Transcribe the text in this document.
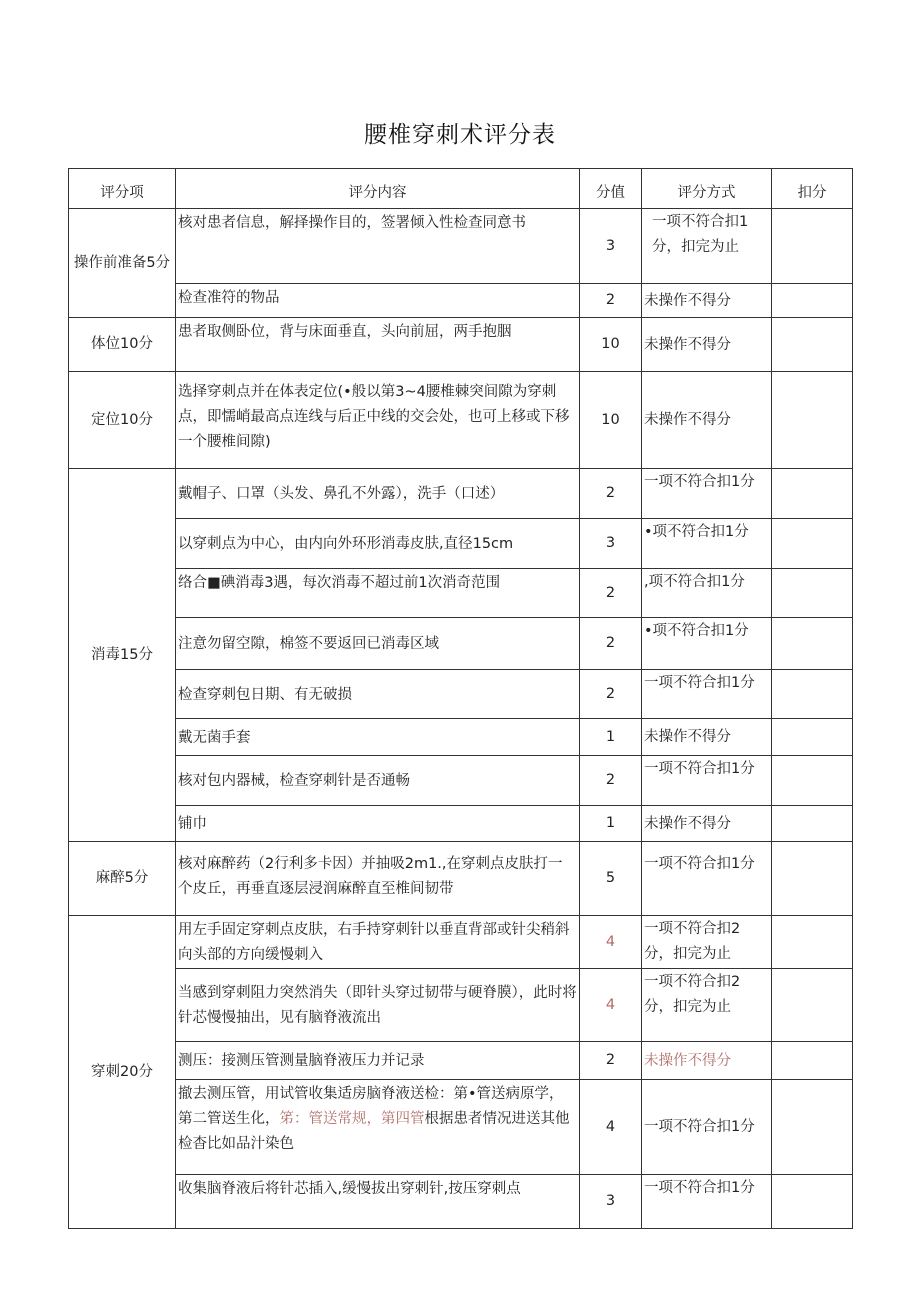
腰椎穿刺术评分表
评分项	评分内容	分值	评分方式	扣分
操作前准备5分	核对患者信息，解择操作目的，签署倾入性检查同意书	3	一项不符合扣1分，扣完为止	
	检查准符的物品	2	未操作不得分	
体位10分	患者取侧卧位，背与床面垂直，头向前屈，两手抱胭	10	未操作不得分	
定位10分	选择穿刺点并在体表定位(•般以第3~4腰椎棘突间隙为穿刺点，即懦峭最高点连线与后正中线的交会处，也可上移或下移一个腰椎间隙)	10	未操作不得分	
消毒15分	戴帽子、口罩（头发、鼻孔不外露），洗手（口述）	2	一项不符合扣1分	
	以穿刺点为中心，由内向外环形消毒皮肤,直径15cm	3	•项不符合扣1分	
	络合■碘消毒3遇，每次消毒不超过前1次消奇范围	2	,项不符合扣1分	
	注意勿留空隙，棉签不要返回已消毒区域	2	•项不符合扣1分	
	检查穿刺包日期、有无破损	2	一项不符合扣1分	
	戴无菌手套	1	未操作不得分	
	核对包内器械，检查穿刺针是否通畅	2	一项不符合扣1分	
	铺巾	1	未操作不得分	
麻醉5分	核对麻醉药（2行利多卡因）并抽吸2m1.,在穿刺点皮肤打一个皮丘，再垂直逐层浸润麻醉直至椎间韧带	5	一项不符合扣1分	
穿刺20分	用左手固定穿刺点皮肤，右手持穿刺针以垂直背部或针尖稍斜向头部的方向缓慢刺入	4	一项不符合扣2分，扣完为止	
	当感到穿刺阻力突然消失（即针头穿过韧带与硬脊膜），此时将针芯慢慢抽出，见有脑脊液流出	4	一项不符合扣2分，扣完为止	
	测压：接测压管测量脑脊液压力并记录	2	未操作不得分	
	撤去测压管，用试管收集适房脑脊液送检：第•管送病原学，第二管送生化，笫：管送常规，第四管根据患者情况进送其他检杳比如品汁染色	4	一项不符合扣1分	
	收集脑脊液后将针芯插入,缓慢拔出穿刺针,按压穿刺点	3	一项不符合扣1分	
